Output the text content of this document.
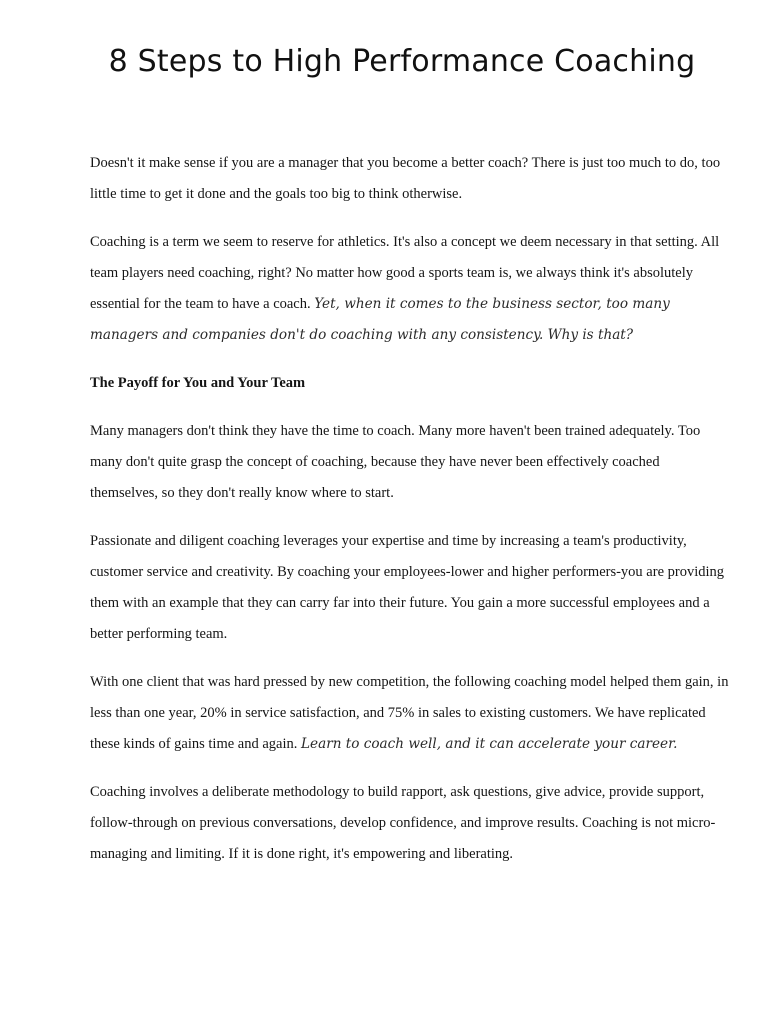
8 Steps to High Performance Coaching

Doesn't it make sense if you are a manager that you become a better coach? There is just too much to do, too little time to get it done and the goals too big to think otherwise.

Coaching is a term we seem to reserve for athletics. It's also a concept we deem necessary in that setting. All team players need coaching, right? No matter how good a sports team is, we always think it's absolutely essential for the team to have a coach. Yet, when it comes to the business sector, too many managers and companies don't do coaching with any consistency. Why is that?

The Payoff for You and Your Team

Many managers don't think they have the time to coach. Many more haven't been trained adequately. Too many don't quite grasp the concept of coaching, because they have never been effectively coached themselves, so they don't really know where to start.

Passionate and diligent coaching leverages your expertise and time by increasing a team's productivity, customer service and creativity. By coaching your employees-lower and higher performers-you are providing them with an example that they can carry far into their future. You gain a more successful employees and a better performing team.

With one client that was hard pressed by new competition, the following coaching model helped them gain, in less than one year, 20% in service satisfaction, and 75% in sales to existing customers. We have replicated these kinds of gains time and again. Learn to coach well, and it can accelerate your career.

Coaching involves a deliberate methodology to build rapport, ask questions, give advice, provide support, follow-through on previous conversations, develop confidence, and improve results. Coaching is not micro-managing and limiting. If it is done right, it's empowering and liberating.
